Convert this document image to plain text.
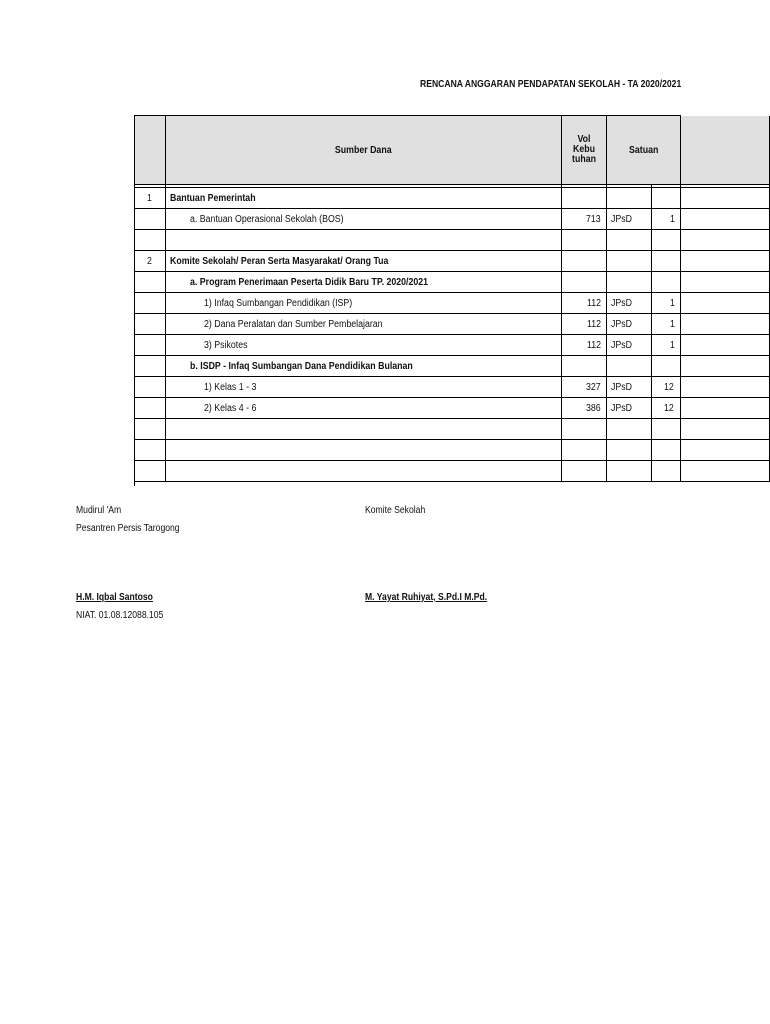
RENCANA ANGGARAN PENDAPATAN SEKOLAH - TA 2020/2021
	Sumber Dana	Vol Kebu tuhan	Satuan		

1	Bantuan Pemerintah				
	a. Bantuan Operasional Sekolah (BOS)	713	JPsD	1	

2	Komite Sekolah/ Peran Serta Masyarakat/ Orang Tua				
	a. Program Penerimaan Peserta Didik Baru TP. 2020/2021				
	1) Infaq Sumbangan Pendidikan (ISP)	112	JPsD	1	
	2) Dana Peralatan dan Sumber Pembelajaran	112	JPsD	1	
	3) Psikotes	112	JPsD	1	
	b. ISDP - Infaq Sumbangan Dana Pendidikan Bulanan				
	1) Kelas 1 - 3	327	JPsD	12	
	2) Kelas 4 - 6	386	JPsD	12	

Mudirul 'Am
Pesantren Persis Tarogong
H.M. Iqbal Santoso
NIAT. 01.08.12088.105
Komite Sekolah
M. Yayat Ruhiyat, S.Pd.I M.Pd.
